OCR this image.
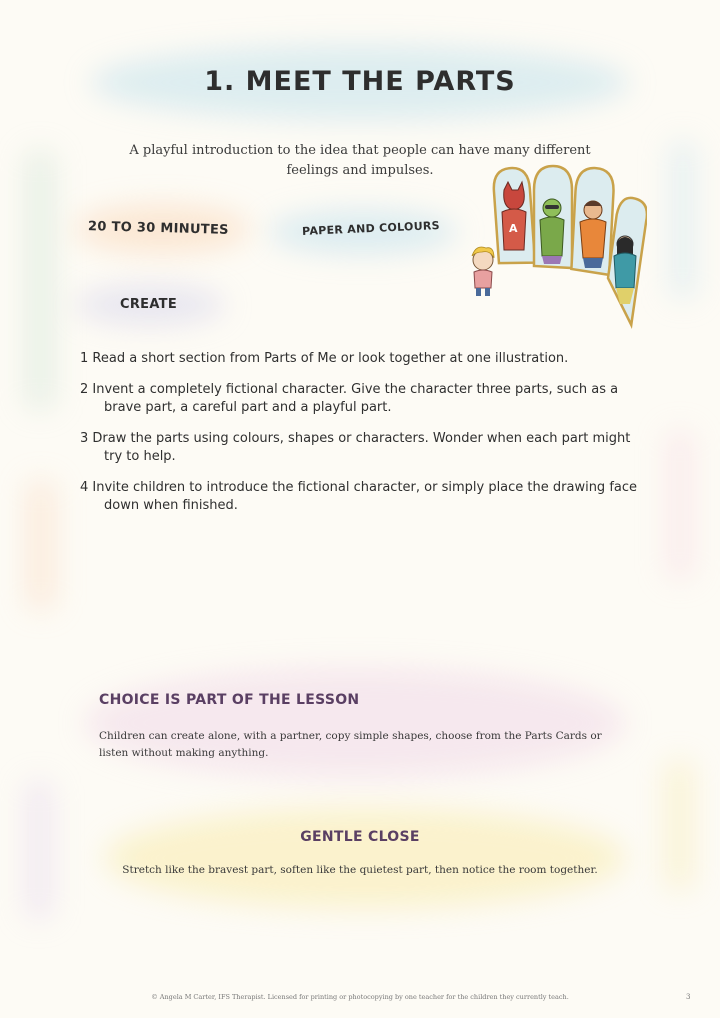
1. MEET THE PARTS

A playful introduction to the idea that people can have many different feelings and impulses.

20 TO 30 MINUTES	PAPER AND COLOURS

CREATE

A
1 Read a short section from Parts of Me or look together at one illustration.
2 Invent a completely fictional character. Give the character three parts, such as a brave part, a careful part and a playful part.
3 Draw the parts using colours, shapes or characters. Wonder when each part might try to help.
4 Invite children to introduce the fictional character, or simply place the drawing face down when finished.
CHOICE IS PART OF THE LESSON

Children can create alone, with a partner, copy simple shapes, choose from the Parts Cards or listen without making anything.

GENTLE CLOSE

Stretch like the bravest part, soften like the quietest part, then notice the room together.

© Angela M Carter, IFS Therapist. Licensed for printing or photocopying by one teacher for the children they currently teach.	3
